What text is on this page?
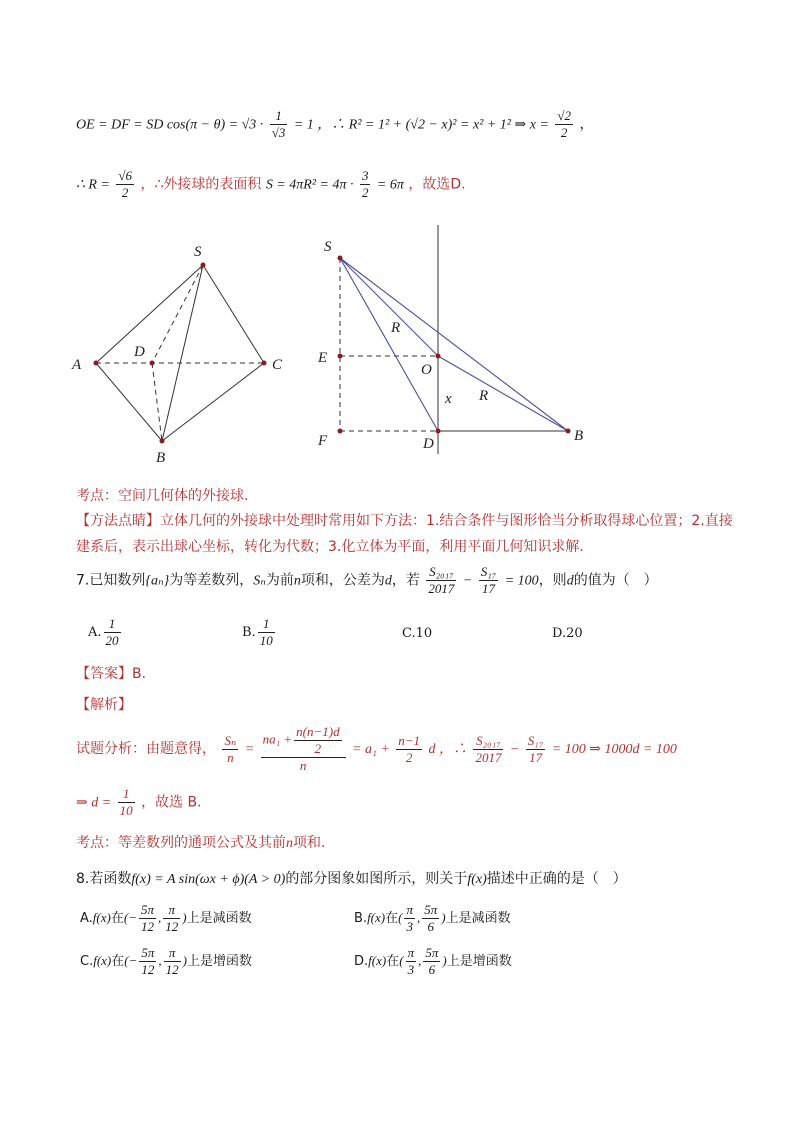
OE = DF = SD $\cos(\pi - \theta) = √3 \cdot \frac{1}{√3} = 1$ ，∴ R² = 1² + (√2 − x)² = x² + 1² ⇒ $x = \frac{√2}{2}$ ，
∴ $R = \frac{√6}{2}$ ，∴外接球的表面积 $S = 4\pi R^2 = 4\pi \cdot \frac{3}{2} = 6\pi$ ，故选D.
S
A	C
D
B
S
E
F
O
D	B
R
R
x
考点：空间几何体的外接球.
【方法点睛】立体几何的外接球中处理时常用如下方法：1.结合条件与图形恰当分析取得球心位置；2.直接
建系后，表示出球心坐标，转化为代数；3.化立体为平面，利用平面几何知识求解.
7.已知数列{aₙ}为等差数列，Sₙ为前n项和，公差为d，若 $\frac{\text{S₂₀₁₇}}{2017} - \frac{\text{S₁₇}}{17} = 100$，则d的值为（　）
A. $\frac{1}{20}$	B. $\frac{1}{10}$	C.10	D.20
【答案】B.
【解析】
试题分析：由题意得， $\frac{\text{Sₙ}}{n} = \frac{na_1 + \frac{n(n-1)d}{2}}{n} = a_1 + \frac{n-1}{2}$ d ，∴ $\frac{\text{S₂₀₁₇}}{2017} - \frac{\text{S₁₇}}{17} = 100$ ⇒ 1000d = 100
⇒ $d = \frac{1}{10}$ ，故选 B.
考点：等差数列的通项公式及其前n项和.
8.若函数f(x) = A sin(ωx + ϕ)(A > 0)的部分图象如图所示，则关于f(x)描述中正确的是（　）
A.f(x)在(− $\frac{5\pi}{12}$ , $\frac{\pi}{12}$ )上是减函数	B.f(x)在( $\frac{\pi}{3}$ , $\frac{5\pi}{6}$ )上是减函数
C.f(x)在(− $\frac{5\pi}{12}$ , $\frac{\pi}{12}$ )上是增函数	D.f(x)在( $\frac{\pi}{3}$ , $\frac{5\pi}{6}$ )上是增函数
